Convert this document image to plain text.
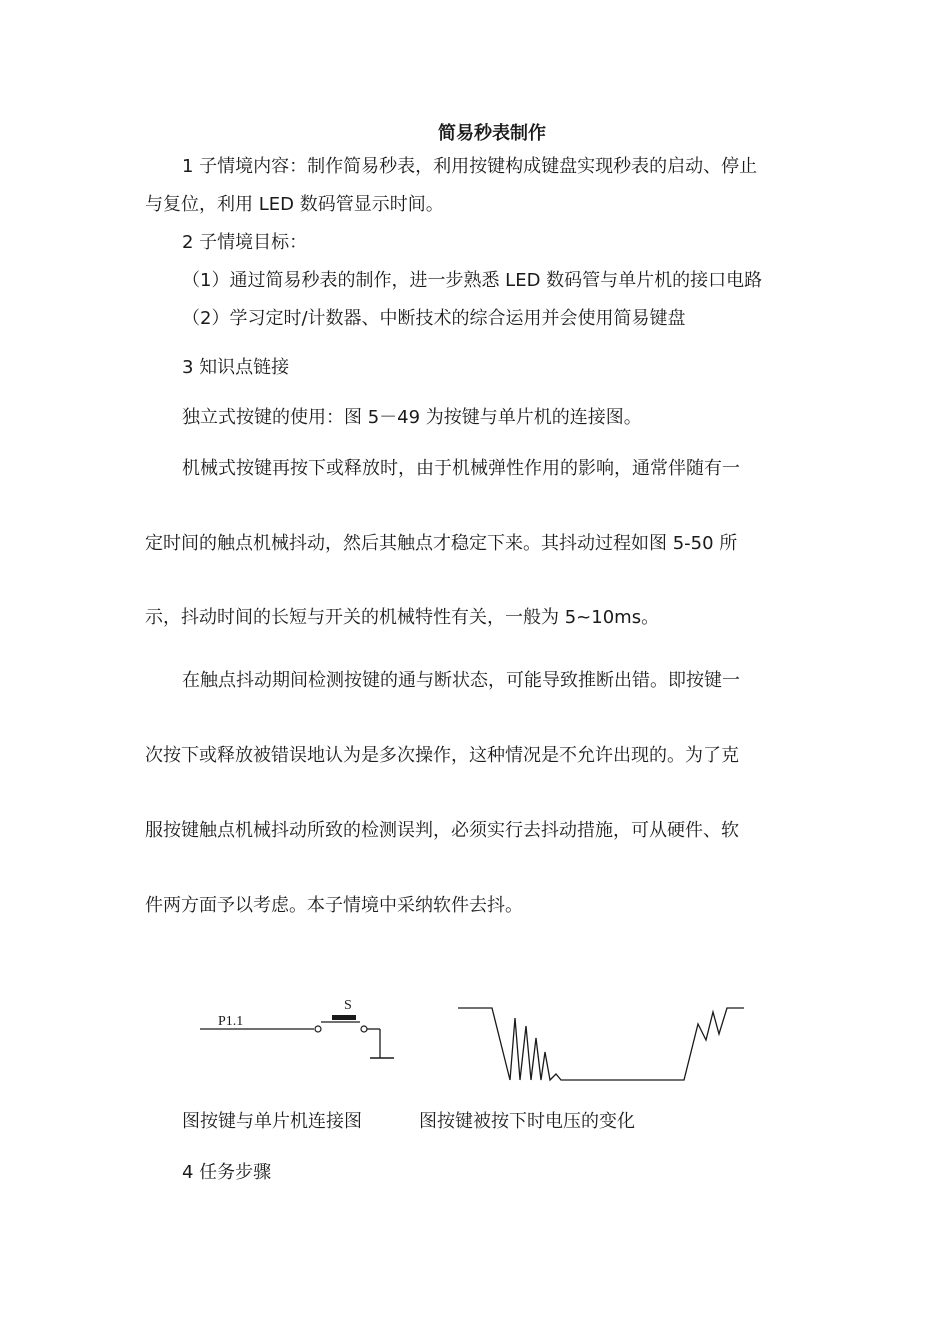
简易秒表制作
1 子情境内容：制作简易秒表，利用按键构成键盘实现秒表的启动、停止
与复位，利用 LED 数码管显示时间。
2 子情境目标：
（1）通过简易秒表的制作，进一步熟悉 LED 数码管与单片机的接口电路
（2）学习定时/计数器、中断技术的综合运用并会使用简易键盘
3 知识点链接
独立式按键的使用：图 5－49 为按键与单片机的连接图。
机械式按键再按下或释放时，由于机械弹性作用的影响，通常伴随有一
定时间的触点机械抖动，然后其触点才稳定下来。其抖动过程如图 5-50 所
示，抖动时间的长短与开关的机械特性有关，一般为 5~10ms。
在触点抖动期间检测按键的通与断状态，可能导致推断出错。即按键一
次按下或释放被错误地认为是多次操作，这种情况是不允许出现的。为了克
服按键触点机械抖动所致的检测误判，必须实行去抖动措施，可从硬件、软
件两方面予以考虑。本子情境中采纳软件去抖。
P1.1
S
图按键与单片机连接图	图按键被按下时电压的变化
4 任务步骤
